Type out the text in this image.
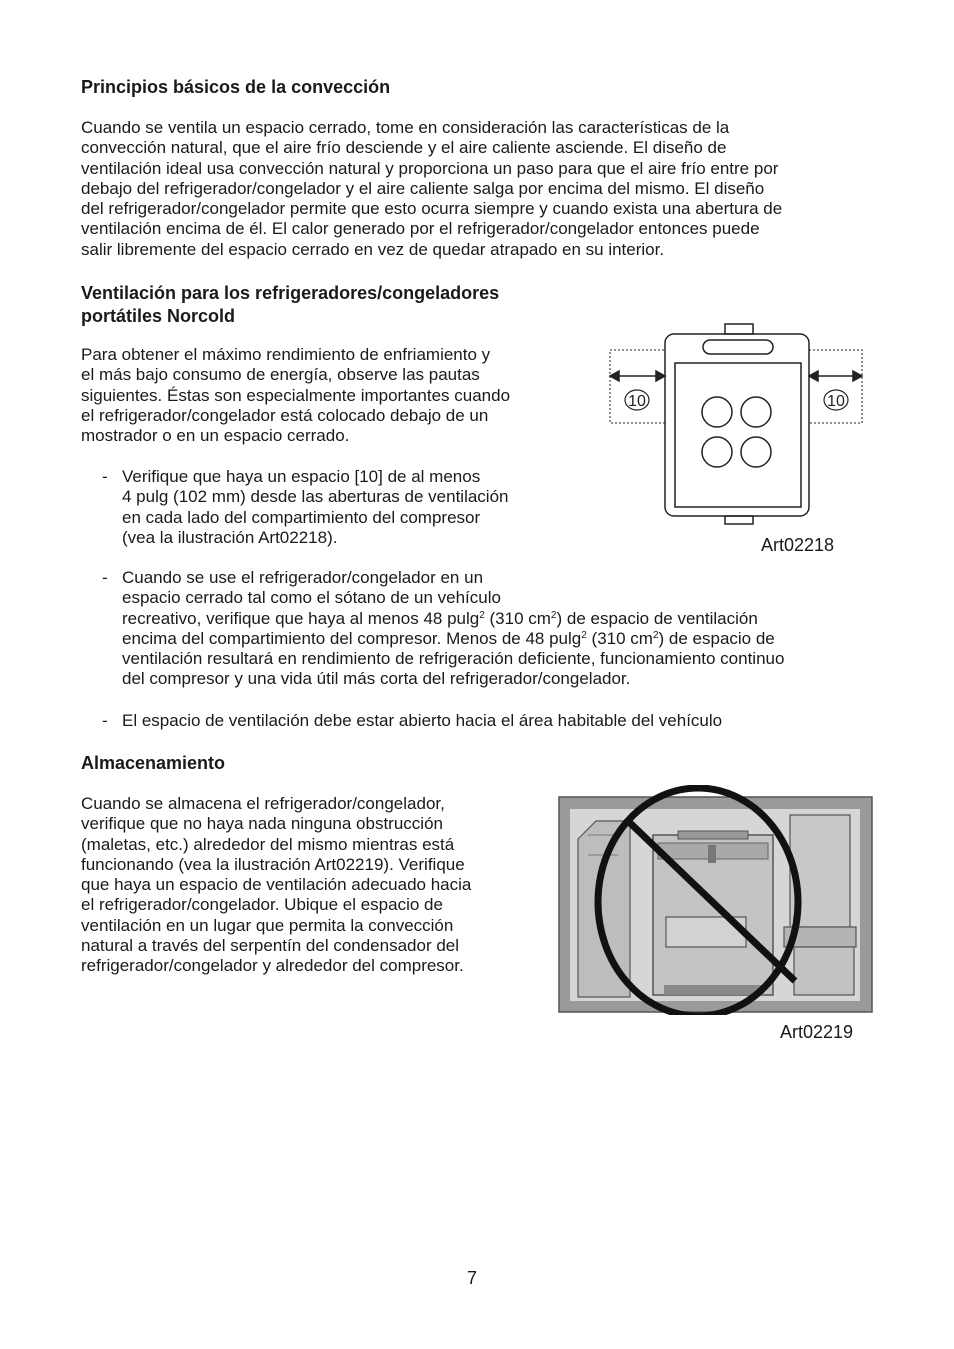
Principios básicos de la convección

Cuando se ventila un espacio cerrado, tome en consideración las características de la

convección natural, que el aire frío desciende y el aire caliente asciende. El diseño de

ventilación ideal usa convección natural y proporciona un paso para que el aire frío entre por

debajo del refrigerador/congelador y el aire caliente salga por encima del mismo. El diseño

del refrigerador/congelador permite que esto ocurra siempre y cuando exista una abertura de

ventilación encima de él. El calor generado por el refrigerador/congelador entonces puede

salir libremente del espacio cerrado en vez de quedar atrapado en su interior.

Ventilación para los refrigeradores/congeladores
portátiles Norcold

Para obtener el máximo rendimiento de enfriamiento y

el más bajo consumo de energía, observe las pautas

siguientes. Éstas son especialmente importantes cuando

el refrigerador/congelador está colocado debajo de un

mostrador o en un espacio cerrado.

- Verifique que haya un espacio [10] de al menos
4 pulg (102 mm) desde las aberturas de ventilación
en cada lado del compartimiento del compresor
(vea la ilustración Art02218).
- Cuando se use el refrigerador/congelador en un
espacio cerrado tal como el sótano de un vehículo
recreativo, verifique que haya al menos 48 pulg$^2$ (310 $cm^2$) de espacio de ventilación
encima del compartimiento del compresor. Menos de 48 pulg$^2$ (310 $cm^2$) de espacio de
ventilación resultará en rendimiento de refrigeración deficiente, funcionamiento continuo
del compresor y una vida útil más corta del refrigerador/congelador.
- El espacio de ventilación debe estar abierto hacia el área habitable del vehículo
10	10
Art02218
Almacenamiento

Cuando se almacena el refrigerador/congelador,

verifique que no haya nada ninguna obstrucción

(maletas, etc.) alrededor del mismo mientras está

funcionando (vea la ilustración Art02219). Verifique

que haya un espacio de ventilación adecuado hacia

el refrigerador/congelador. Ubique el espacio de

ventilación en un lugar que permita la convección

natural a través del serpentín del condensador del

refrigerador/congelador y alrededor del compresor.

Art02219
7
